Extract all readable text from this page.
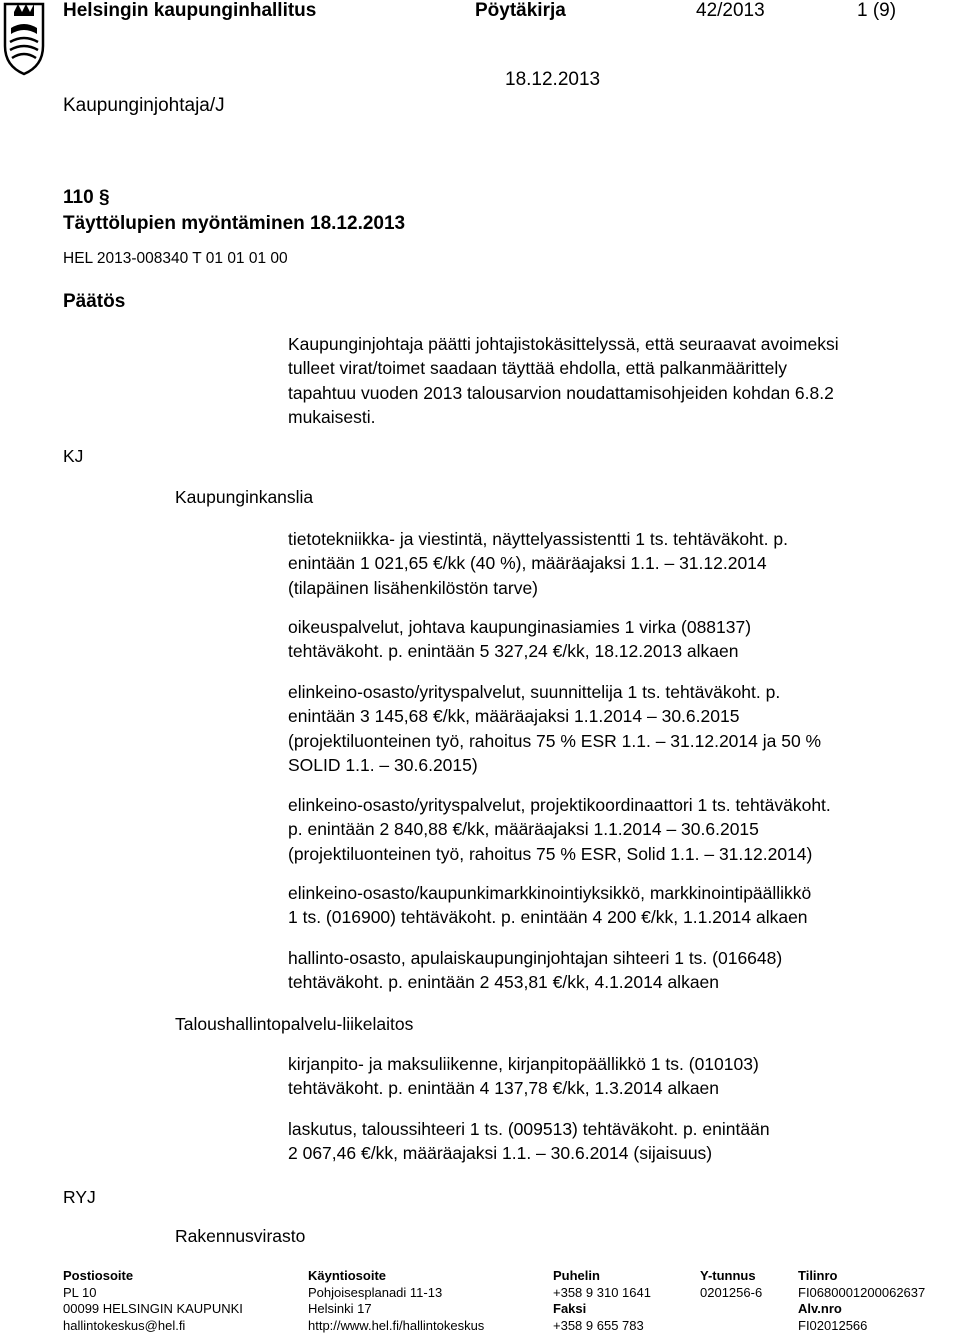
Helsingin kaupunginhallitus	Pöytäkirja	42/2013	1 (9)
18.12.2013
Kaupunginjohtaja/J
110 §
Täyttölupien myöntäminen 18.12.2013
HEL 2013-008340 T 01 01 01 00
Päätös
KJ
RYJ
Kaupunginjohtaja päätti johtajistokäsittelyssä, että seuraavat avoimeksi
tulleet virat/toimet saadaan täyttää ehdolla, että palkanmäärittely
tapahtuu vuoden 2013 talousarvion noudattamisohjeiden kohdan 6.8.2
mukaisesti.
Kaupunginkanslia
Taloushallintopalvelu-liikelaitos
Rakennusvirasto
tietotekniikka- ja viestintä, näyttelyassistentti 1 ts. tehtäväkoht. p.
enintään 1 021,65 €/kk (40 %), määräajaksi 1.1. – 31.12.2014
(tilapäinen lisähenkilöstön tarve)
oikeuspalvelut, johtava kaupunginasiamies 1 virka (088137)
tehtäväkoht. p. enintään 5 327,24 €/kk, 18.12.2013 alkaen
elinkeino-osasto/yrityspalvelut, suunnittelija 1 ts. tehtäväkoht. p.
enintään 3 145,68 €/kk, määräajaksi 1.1.2014 – 30.6.2015
(projektiluonteinen työ, rahoitus 75 % ESR 1.1. – 31.12.2014 ja 50 %
SOLID 1.1. – 30.6.2015)
elinkeino-osasto/yrityspalvelut, projektikoordinaattori 1 ts. tehtäväkoht.
p. enintään 2 840,88 €/kk, määräajaksi 1.1.2014 – 30.6.2015
(projektiluonteinen työ, rahoitus 75 % ESR, Solid 1.1. – 31.12.2014)
elinkeino-osasto/kaupunkimarkkinointiyksikkö, markkinointipäällikkö
1 ts. (016900) tehtäväkoht. p. enintään 4 200 €/kk, 1.1.2014 alkaen
hallinto-osasto, apulaiskaupunginjohtajan sihteeri 1 ts. (016648)
tehtäväkoht. p. enintään 2 453,81 €/kk, 4.1.2014 alkaen
kirjanpito- ja maksuliikenne, kirjanpitopäällikkö 1 ts. (010103)
tehtäväkoht. p. enintään 4 137,78 €/kk, 1.3.2014 alkaen
laskutus, taloussihteeri 1 ts. (009513) tehtäväkoht. p. enintään
2 067,46 €/kk, määräajaksi 1.1. – 30.6.2014 (sijaisuus)
Postiosoite
PL 10
00099 HELSINGIN KAUPUNKI
hallintokeskus@hel.fi
Käyntiosoite
Pohjoisesplanadi 11-13
Helsinki 17
http://www.hel.fi/hallintokeskus
Puhelin
+358 9 310 1641
Faksi
+358 9 655 783
Y-tunnus
0201256-6
Tilinro
FI0680001200062637
Alv.nro
FI02012566
